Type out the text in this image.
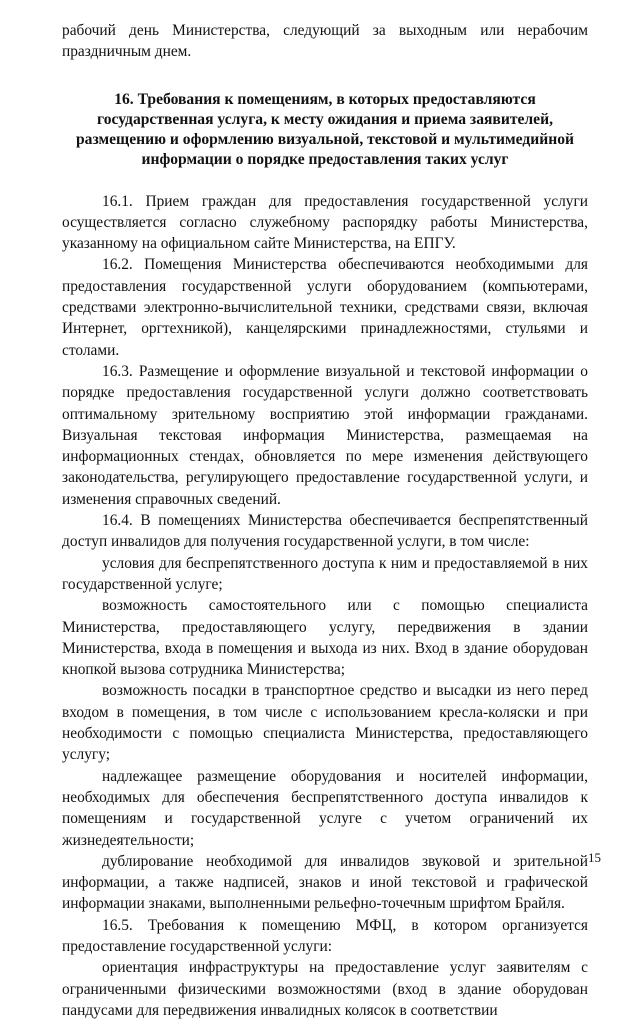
рабочий день Министерства, следующий за выходным или нерабочим праздничным днем.

16. Требования к помещениям, в которых предоставляются государственная услуга, к месту ожидания и приема заявителей, размещению и оформлению визуальной, текстовой и мультимедийной информации о порядке предоставления таких услуг

16.1. Прием граждан для предоставления государственной услуги осуществляется согласно служебному распорядку работы Министерства, указанному на официальном сайте Министерства, на ЕПГУ.

16.2. Помещения Министерства обеспечиваются необходимыми для предоставления государственной услуги оборудованием (компьютерами, средствами электронно-вычислительной техники, средствами связи, включая Интернет, оргтехникой), канцелярскими принадлежностями, стульями и столами.

16.3. Размещение и оформление визуальной и текстовой информации о порядке предоставления государственной услуги должно соответствовать оптимальному зрительному восприятию этой информации гражданами. Визуальная текстовая информация Министерства, размещаемая на информационных стендах, обновляется по мере изменения действующего законодательства, регулирующего предоставление государственной услуги, и изменения справочных сведений.

16.4. В помещениях Министерства обеспечивается беспрепятственный доступ инвалидов для получения государственной услуги, в том числе:

условия для беспрепятственного доступа к ним и предоставляемой в них государственной услуге;

возможность самостоятельного или с помощью специалиста Министерства, предоставляющего услугу, передвижения в здании Министерства, входа в помещения и выхода из них. Вход в здание оборудован кнопкой вызова сотрудника Министерства;

возможность посадки в транспортное средство и высадки из него перед входом в помещения, в том числе с использованием кресла-коляски и при необходимости с помощью специалиста Министерства, предоставляющего услугу;

надлежащее размещение оборудования и носителей информации, необходимых для обеспечения беспрепятственного доступа инвалидов к помещениям и государственной услуге с учетом ограничений их жизнедеятельности;

дублирование необходимой для инвалидов звуковой и зрительной информации, а также надписей, знаков и иной текстовой и графической информации знаками, выполненными рельефно-точечным шрифтом Брайля.

16.5. Требования к помещению МФЦ, в котором организуется предоставление государственной услуги:

ориентация инфраструктуры на предоставление услуг заявителям с ограниченными физическими возможностями (вход в здание оборудован пандусами для передвижения инвалидных колясок в соответствии

15
